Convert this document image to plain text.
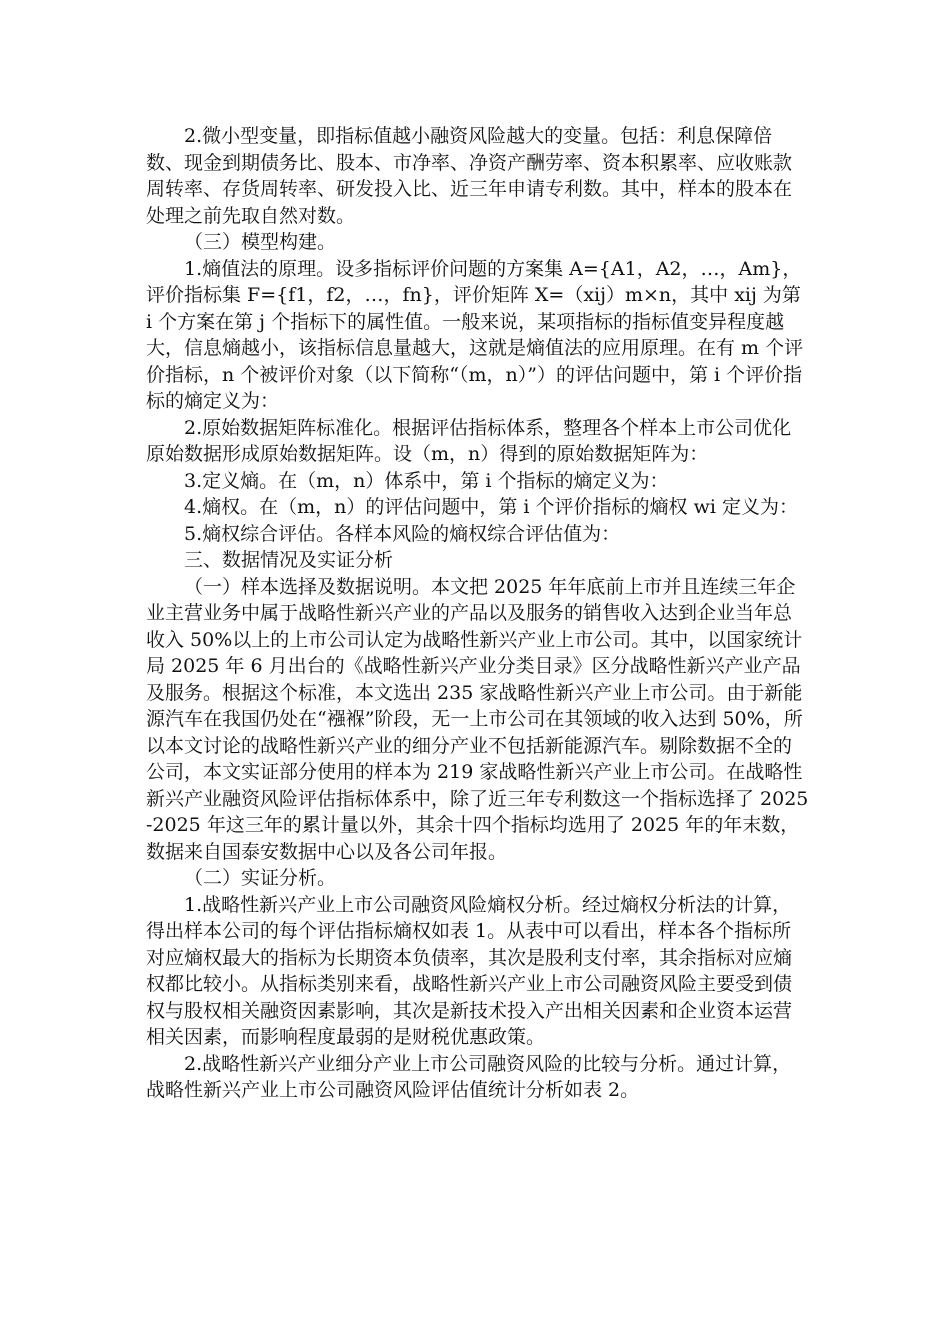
2.微小型变量，即指标值越小融资风险越大的变量。包括：利息保障倍数、现金到期债务比、股本、市净率、净资产酬劳率、资本积累率、应收账款周转率、存货周转率、研发投入比、近三年申请专利数。其中，样本的股本在处理之前先取自然对数。

（三）模型构建。

1.熵值法的原理。设多指标评价问题的方案集 A={A1，A2，…，Am}，评价指标集 F={f1，f2，…，fn}，评价矩阵 X=（xij）m×n，其中 xij 为第 i 个方案在第 j 个指标下的属性值。一般来说，某项指标的指标值变异程度越大，信息熵越小，该指标信息量越大，这就是熵值法的应用原理。在有 m 个评价指标，n 个被评价对象（以下简称“（m，n）”）的评估问题中，第 i 个评价指标的熵定义为：

2.原始数据矩阵标准化。根据评估指标体系，整理各个样本上市公司优化原始数据形成原始数据矩阵。设（m，n）得到的原始数据矩阵为：

3.定义熵。在（m，n）体系中，第 i 个指标的熵定义为：

4.熵权。在（m，n）的评估问题中，第 i 个评价指标的熵权 wi 定义为：

5.熵权综合评估。各样本风险的熵权综合评估值为：

三、数据情况及实证分析

（一）样本选择及数据说明。本文把 2025 年年底前上市并且连续三年企业主营业务中属于战略性新兴产业的产品以及服务的销售收入达到企业当年总收入 50%以上的上市公司认定为战略性新兴产业上市公司。其中，以国家统计局 2025 年 6 月出台的《战略性新兴产业分类目录》区分战略性新兴产业产品及服务。根据这个标准，本文选出 235 家战略性新兴产业上市公司。由于新能源汽车在我国仍处在“襁褓”阶段，无一上市公司在其领域的收入达到 50%，所以本文讨论的战略性新兴产业的细分产业不包括新能源汽车。剔除数据不全的公司，本文实证部分使用的样本为 219 家战略性新兴产业上市公司。在战略性新兴产业融资风险评估指标体系中，除了近三年专利数这一个指标选择了 2025-2025 年这三年的累计量以外，其余十四个指标均选用了 2025 年的年末数，数据来自国泰安数据中心以及各公司年报。

（二）实证分析。

1.战略性新兴产业上市公司融资风险熵权分析。经过熵权分析法的计算，得出样本公司的每个评估指标熵权如表 1。从表中可以看出，样本各个指标所对应熵权最大的指标为长期资本负债率，其次是股利支付率，其余指标对应熵权都比较小。从指标类别来看，战略性新兴产业上市公司融资风险主要受到债权与股权相关融资因素影响，其次是新技术投入产出相关因素和企业资本运营相关因素，而影响程度最弱的是财税优惠政策。

2.战略性新兴产业细分产业上市公司融资风险的比较与分析。通过计算，战略性新兴产业上市公司融资风险评估值统计分析如表 2。
